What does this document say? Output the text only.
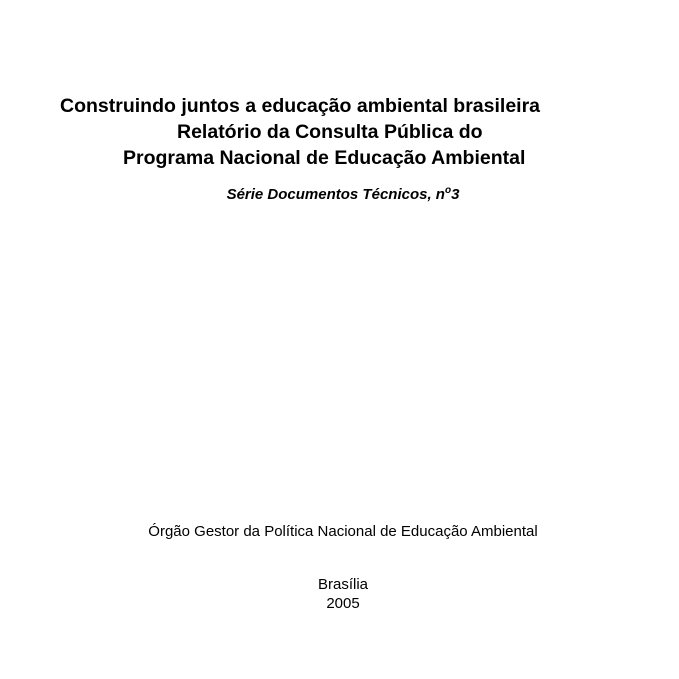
Construindo juntos a educação ambiental brasileira
Relatório da Consulta Pública do
Programa Nacional de Educação Ambiental
Série Documentos Técnicos, $n^o3$
Órgão Gestor da Política Nacional de Educação Ambiental
Brasília
2005
